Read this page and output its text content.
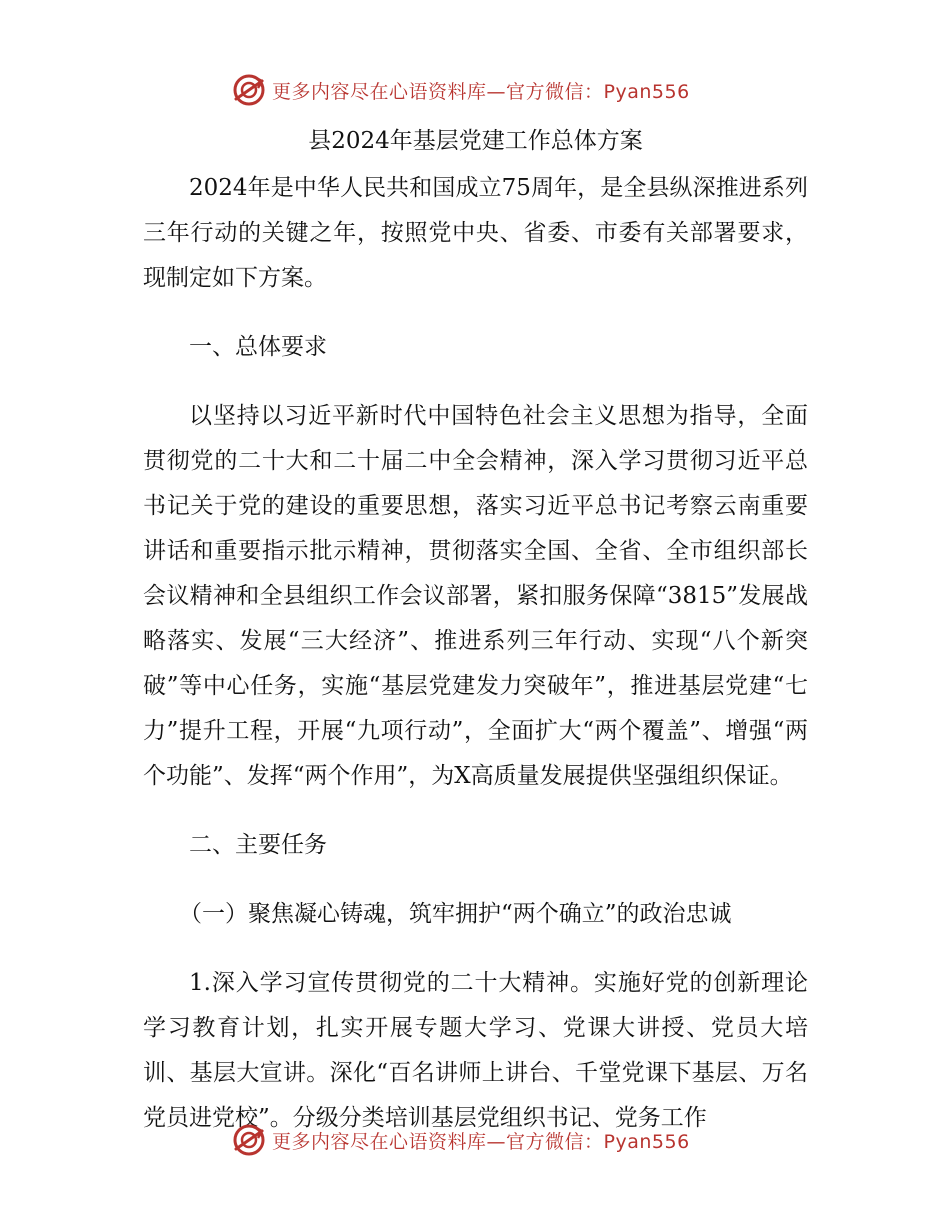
更多内容尽在心语资料库—官方微信：Pyan556
县2024年基层党建工作总体方案

2024年是中华人民共和国成立75周年，是全县纵深推进系列三年行动的关键之年，按照党中央、省委、市委有关部署要求，现制定如下方案。

一、总体要求

以坚持以习近平新时代中国特色社会主义思想为指导，全面贯彻党的二十大和二十届二中全会精神，深入学习贯彻习近平总书记关于党的建设的重要思想，落实习近平总书记考察云南重要讲话和重要指示批示精神，贯彻落实全国、全省、全市组织部长会议精神和全县组织工作会议部署，紧扣服务保障“3815”发展战略落实、发展“三大经济”、推进系列三年行动、实现“八个新突破”等中心任务，实施“基层党建发力突破年”，推进基层党建“七力”提升工程，开展“九项行动”，全面扩大“两个覆盖”、增强“两个功能”、发挥“两个作用”，为X高质量发展提供坚强组织保证。

二、主要任务

（一）聚焦凝心铸魂，筑牢拥护“两个确立”的政治忠诚

1.深入学习宣传贯彻党的二十大精神。实施好党的创新理论学习教育计划，扎实开展专题大学习、党课大讲授、党员大培训、基层大宣讲。深化“百名讲师上讲台、千堂党课下基层、万名党员进党校”。分级分类培训基层党组织书记、党务工作

更多内容尽在心语资料库—官方微信：Pyan556
